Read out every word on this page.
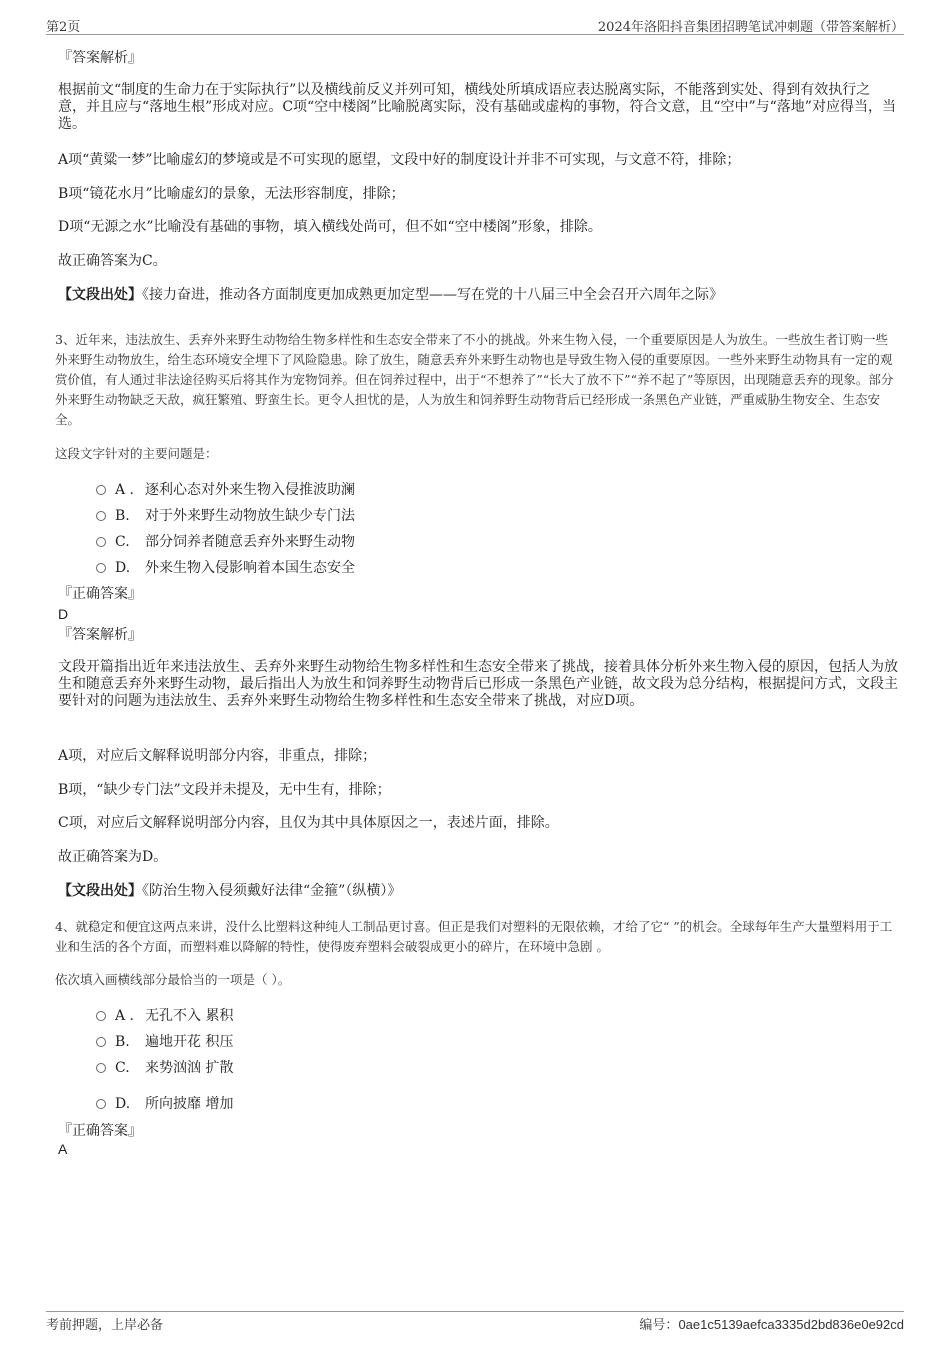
第2页	2024年洛阳抖音集团招聘笔试冲刺题（带答案解析）
『答案解析』
根据前文“制度的生命力在于实际执行”以及横线前反义并列可知，横线处所填成语应表达脱离实际，不能落到实处、得到有效执行之意，并且应与“落地生根”形成对应。C项“空中楼阁”比喻脱离实际，没有基础或虚构的事物，符合文意，且“空中”与“落地”对应得当，当选。
A项“黄粱一梦”比喻虚幻的梦境或是不可实现的愿望，文段中好的制度设计并非不可实现，与文意不符，排除；
B项“镜花水月”比喻虚幻的景象，无法形容制度，排除；
D项“无源之水”比喻没有基础的事物，填入横线处尚可，但不如“空中楼阁”形象，排除。
故正确答案为C。
【文段出处】《接力奋进，推动各方面制度更加成熟更加定型——写在党的十八届三中全会召开六周年之际》
3、近年来，违法放生、丢弃外来野生动物给生物多样性和生态安全带来了不小的挑战。外来生物入侵，一个重要原因是人为放生。一些放生者订购一些外来野生动物放生，给生态环境安全埋下了风险隐患。除了放生，随意丢弃外来野生动物也是导致生物入侵的重要原因。一些外来野生动物具有一定的观赏价值，有人通过非法途径购买后将其作为宠物饲养。但在饲养过程中，出于“不想养了”“长大了放不下”“养不起了”等原因，出现随意丢弃的现象。部分外来野生动物缺乏天敌，疯狂繁殖、野蛮生长。更令人担忧的是，人为放生和饲养野生动物背后已经形成一条黑色产业链，严重威胁生物安全、生态安全。
这段文字针对的主要问题是：
A . 逐利心态对外来生物入侵推波助澜
B. 对于外来野生动物放生缺少专门法
C. 部分饲养者随意丢弃外来野生动物
D. 外来生物入侵影响着本国生态安全
『正确答案』
D
『答案解析』
文段开篇指出近年来违法放生、丢弃外来野生动物给生物多样性和生态安全带来了挑战，接着具体分析外来生物入侵的原因，包括人为放生和随意丢弃外来野生动物，最后指出人为放生和饲养野生动物背后已形成一条黑色产业链，故文段为总分结构，根据提问方式，文段主要针对的问题为违法放生、丢弃外来野生动物给生物多样性和生态安全带来了挑战，对应D项。
A项，对应后文解释说明部分内容，非重点，排除；
B项，“缺少专门法”文段并未提及，无中生有，排除；
C项，对应后文解释说明部分内容，且仅为其中具体原因之一，表述片面，排除。
故正确答案为D。
【文段出处】《防治生物入侵须戴好法律“金箍”（纵横）》
4、就稳定和便宜这两点来讲，没什么比塑料这种纯人工制品更讨喜。但正是我们对塑料的无限依赖，才给了它“ ”的机会。全球每年生产大量塑料用于工业和生活的各个方面，而塑料难以降解的特性，使得废弃塑料会破裂成更小的碎片，在环境中急剧 。
依次填入画横线部分最恰当的一项是（ ）。
A . 无孔不入 累积
B. 遍地开花 积压
C. 来势汹汹 扩散
D. 所向披靡 增加
『正确答案』
A
考前押题，上岸必备	编号：0ae1c5139aefca3335d2bd836e0e92cd
